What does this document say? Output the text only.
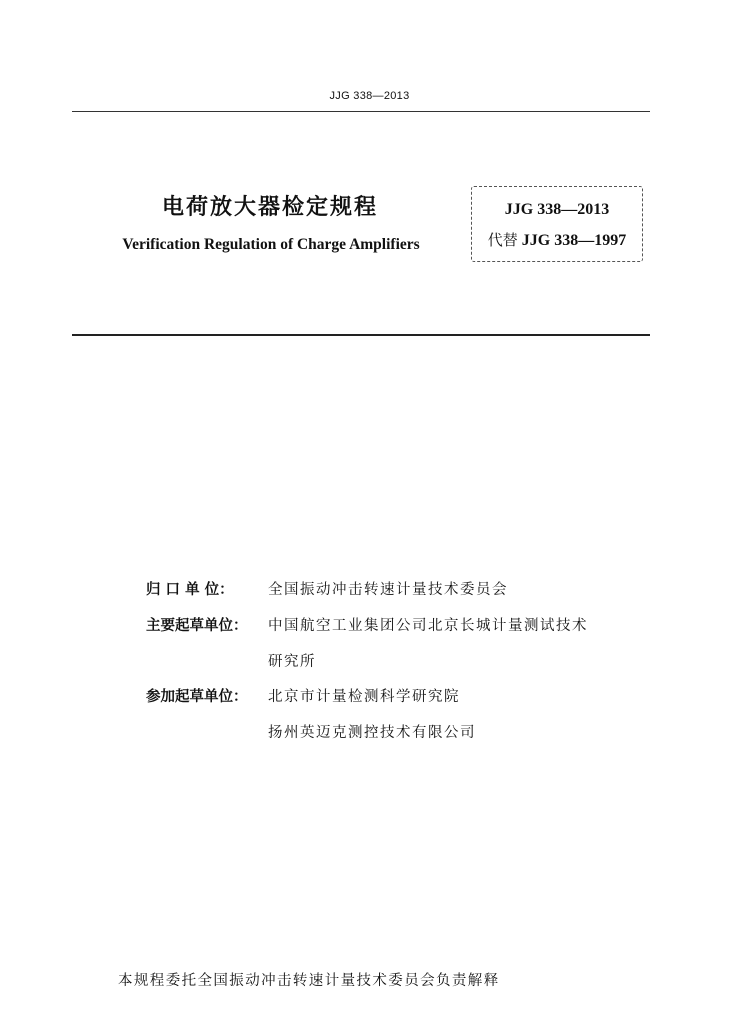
JJG 338—2013
电荷放大器检定规程
Verification Regulation of Charge Amplifiers
JJG 338—2013
代替 JJG 338—1997
归 口 单 位：	全国振动冲击转速计量技术委员会
主要起草单位：	中国航空工业集团公司北京长城计量测试技术
研究所
参加起草单位：	北京市计量检测科学研究院
扬州英迈克测控技术有限公司
本规程委托全国振动冲击转速计量技术委员会负责解释
